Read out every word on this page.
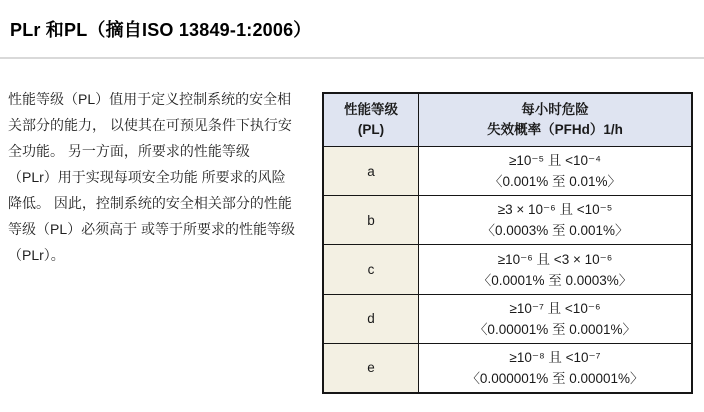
PLr 和PL（摘自ISO 13849-1:2006）
性能等级（PL）值用于定义控制系统的安全相
关部分的能力， 以使其在可预见条件下执行安
全功能。 另一方面，所要求的性能等级
（PLr）用于实现每项安全功能 所要求的风险
降低。 因此，控制系统的安全相关部分的性能
等级（PL）必须高于 或等于所要求的性能等级
（PLr）。
性能等级
(PL)
每小时危险
失效概率（PFHd）1/h
a
≥10⁻⁵ 且 <10⁻⁴
〈0.001% 至 0.01%〉
b
≥3 × 10⁻⁶ 且 <10⁻⁵
〈0.0003% 至 0.001%〉
c
≥10⁻⁶ 且 <3 × 10⁻⁶
〈0.0001% 至 0.0003%〉
d
≥10⁻⁷ 且 <10⁻⁶
〈0.00001% 至 0.0001%〉
e
≥10⁻⁸ 且 <10⁻⁷
〈0.000001% 至 0.00001%〉
